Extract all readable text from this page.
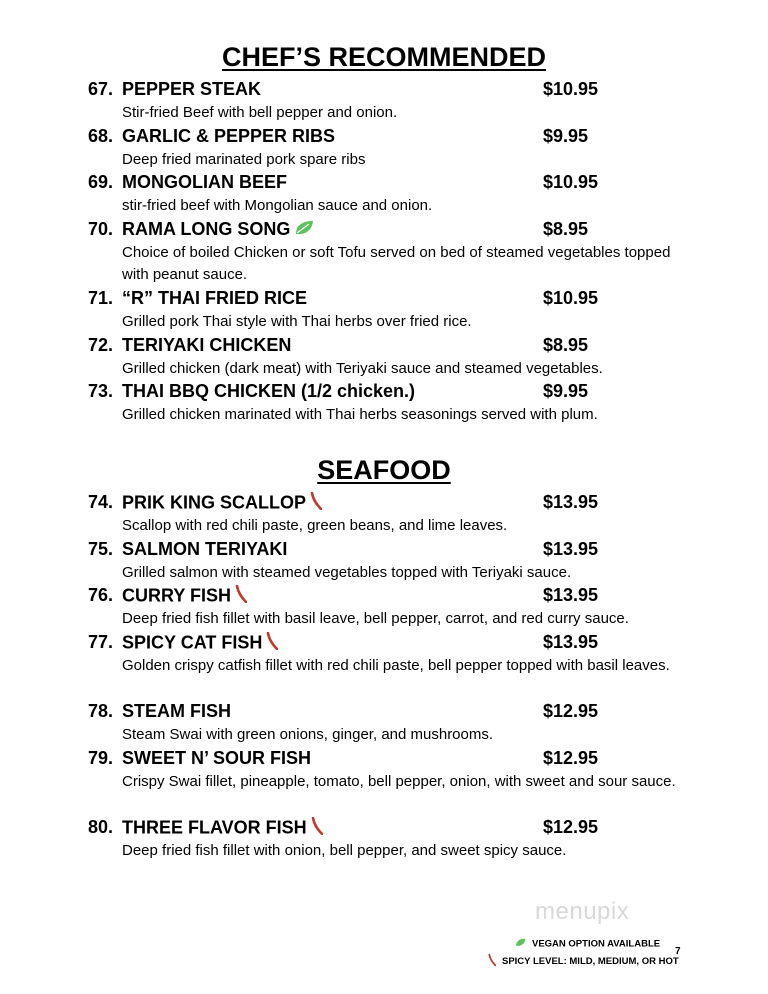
CHEF’S RECOMMENDED
67. PEPPER STEAK	$10.95
Stir-fried Beef with bell pepper and onion.
68. GARLIC & PEPPER RIBS	$9.95
Deep fried marinated pork spare ribs
69. MONGOLIAN BEEF	$10.95
stir-fried beef with Mongolian sauce and onion.
70. RAMA LONG SONG	$8.95
Choice of boiled Chicken or soft Tofu served on bed of steamed vegetables topped with peanut sauce.
71. “R” THAI FRIED RICE	$10.95
Grilled pork Thai style with Thai herbs over fried rice.
72. TERIYAKI CHICKEN	$8.95
Grilled chicken (dark meat) with Teriyaki sauce and steamed vegetables.
73. THAI BBQ CHICKEN (1/2 chicken.)	$9.95
Grilled chicken marinated with Thai herbs seasonings served with plum.
SEAFOOD
74. PRIK KING SCALLOP	$13.95
Scallop with red chili paste, green beans, and lime leaves.
75. SALMON TERIYAKI	$13.95
Grilled salmon with steamed vegetables topped with Teriyaki sauce.
76. CURRY FISH	$13.95
Deep fried fish fillet with basil leave, bell pepper, carrot, and red curry sauce.
77. SPICY CAT FISH	$13.95
Golden crispy catfish fillet with red chili paste, bell pepper topped with basil leaves.
78. STEAM FISH	$12.95
Steam Swai with green onions, ginger, and mushrooms.
79. SWEET N’ SOUR FISH	$12.95
Crispy Swai fillet, pineapple, tomato, bell pepper, onion, with sweet and sour sauce.
80. THREE FLAVOR FISH	$12.95
Deep fried fish fillet with onion, bell pepper, and sweet spicy sauce.
menupix
VEGAN OPTION AVAILABLE
SPICY LEVEL: MILD, MEDIUM, OR HOT
7
